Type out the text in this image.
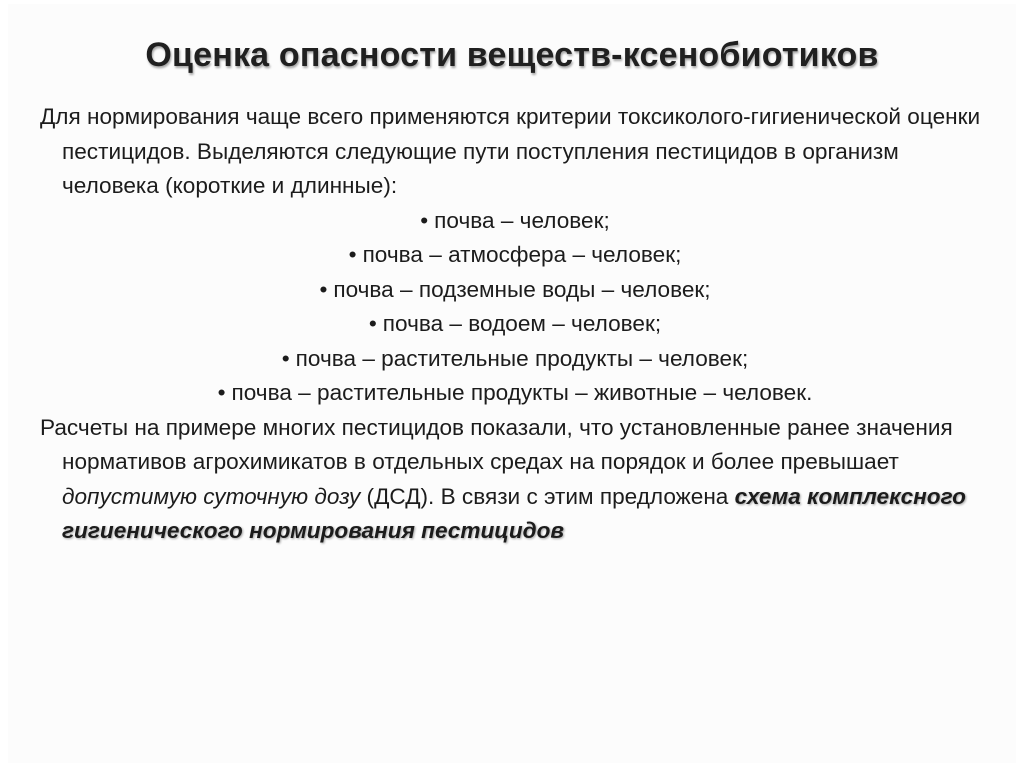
Оценка опасности веществ-ксенобиотиков

Для нормирования чаще всего применяются критерии токсиколого-гигиенической оценки пестицидов. Выделяются следующие пути поступления пестицидов в организм человека (короткие и длинные):

• почва – человек;
• почва – атмосфера – человек;
• почва – подземные воды – человек;
• почва – водоем – человек;
• почва – растительные продукты – человек;
• почва – растительные продукты – животные – человек.

Расчеты на примере многих пестицидов показали, что установленные ранее значения нормативов агрохимикатов в отдельных средах на порядок и более превышает допустимую суточную дозу (ДСД). В связи с этим предложена схема комплексного гигиенического нормирования пестицидов
